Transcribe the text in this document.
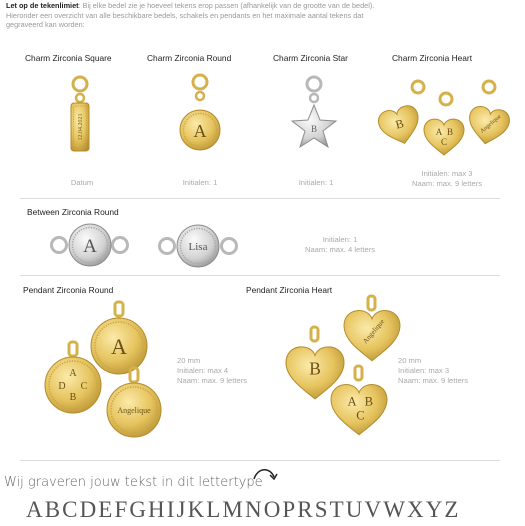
Let op de tekenlimiet: Bij elke bedel zie je hoeveel tekens erop passen (afhankelijk van de grootte van de bedel).
Hieronder een overzicht van alle beschikbare bedels, schakels en pendants en het maximale aantal tekens dat
gegraveerd kan worden:
Charm Zirconia Square	Charm Zirconia Round	Charm Zirconia Star	Charm Zirconia Heart
Datum	Initialen: 1	Initialen: 1
Initialen: max 3
Naam: max. 9 letters
Between Zirconia Round
Initialen: 1
Naam: max. 4 letters
Pendant Zirconia Round	Pendant Zirconia Heart
20 mm
Initialen: max 4
Naam: max. 9 letters
20 mm
Initialen: max 3
Naam: max. 9 letters
12.04.2021	A	B	B
A B
C
Angelique
A	Lisa
A
A
D C
B
Angelique
B
Angelique
A B
C
Wij graveren jouw tekst in dit lettertype
ABCDEFGHIJKLMNOPRSTUVWXYZ
